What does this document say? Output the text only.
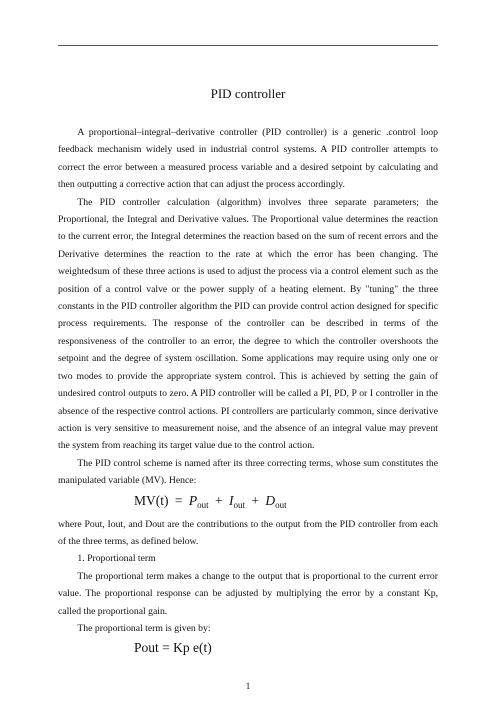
PID controller

A proportional–integral–derivative controller (PID controller) is a generic .control loop feedback mechanism widely used in industrial control systems. A PID controller attempts to correct the error between a measured process variable and a desired setpoint by calculating and then outputting a corrective action that can adjust the process accordingly.

The PID controller calculation (algorithm) involves three separate parameters; the Proportional, the Integral and Derivative values. The Proportional value determines the reaction to the current error, the Integral determines the reaction based on the sum of recent errors and the Derivative determines the reaction to the rate at which the error has been changing. The weightedsum of these three actions is used to adjust the process via a control element such as the position of a control valve or the power supply of a heating element. By "tuning" the three constants in the PID controller algorithm the PID can provide control action designed for specific process requirements. The response of the controller can be described in terms of the responsiveness of the controller to an error, the degree to which the controller overshoots the setpoint and the degree of system oscillation. Some applications may require using only one or two modes to provide the appropriate system control. This is achieved by setting the gain of undesired control outputs to zero. A PID controller will be called a PI, PD, P or I controller in the absence of the respective control actions. PI controllers are particularly common, since derivative action is very sensitive to measurement noise, and the absence of an integral value may prevent the system from reaching its target value due to the control action.

The PID control scheme is named after its three correcting terms, whose sum constitutes the manipulated variable (MV). Hence:

$MV(t) = P_{out} + I_{out} + D_{out}$

where Pout, Iout, and Dout are the contributions to the output from the PID controller from each of the three terms, as defined below.

1. Proportional term

The proportional term makes a change to the output that is proportional to the current error value. The proportional response can be adjusted by multiplying the error by a constant Kp, called the proportional gain.

The proportional term is given by:

Pout = Kp e(t)
1
